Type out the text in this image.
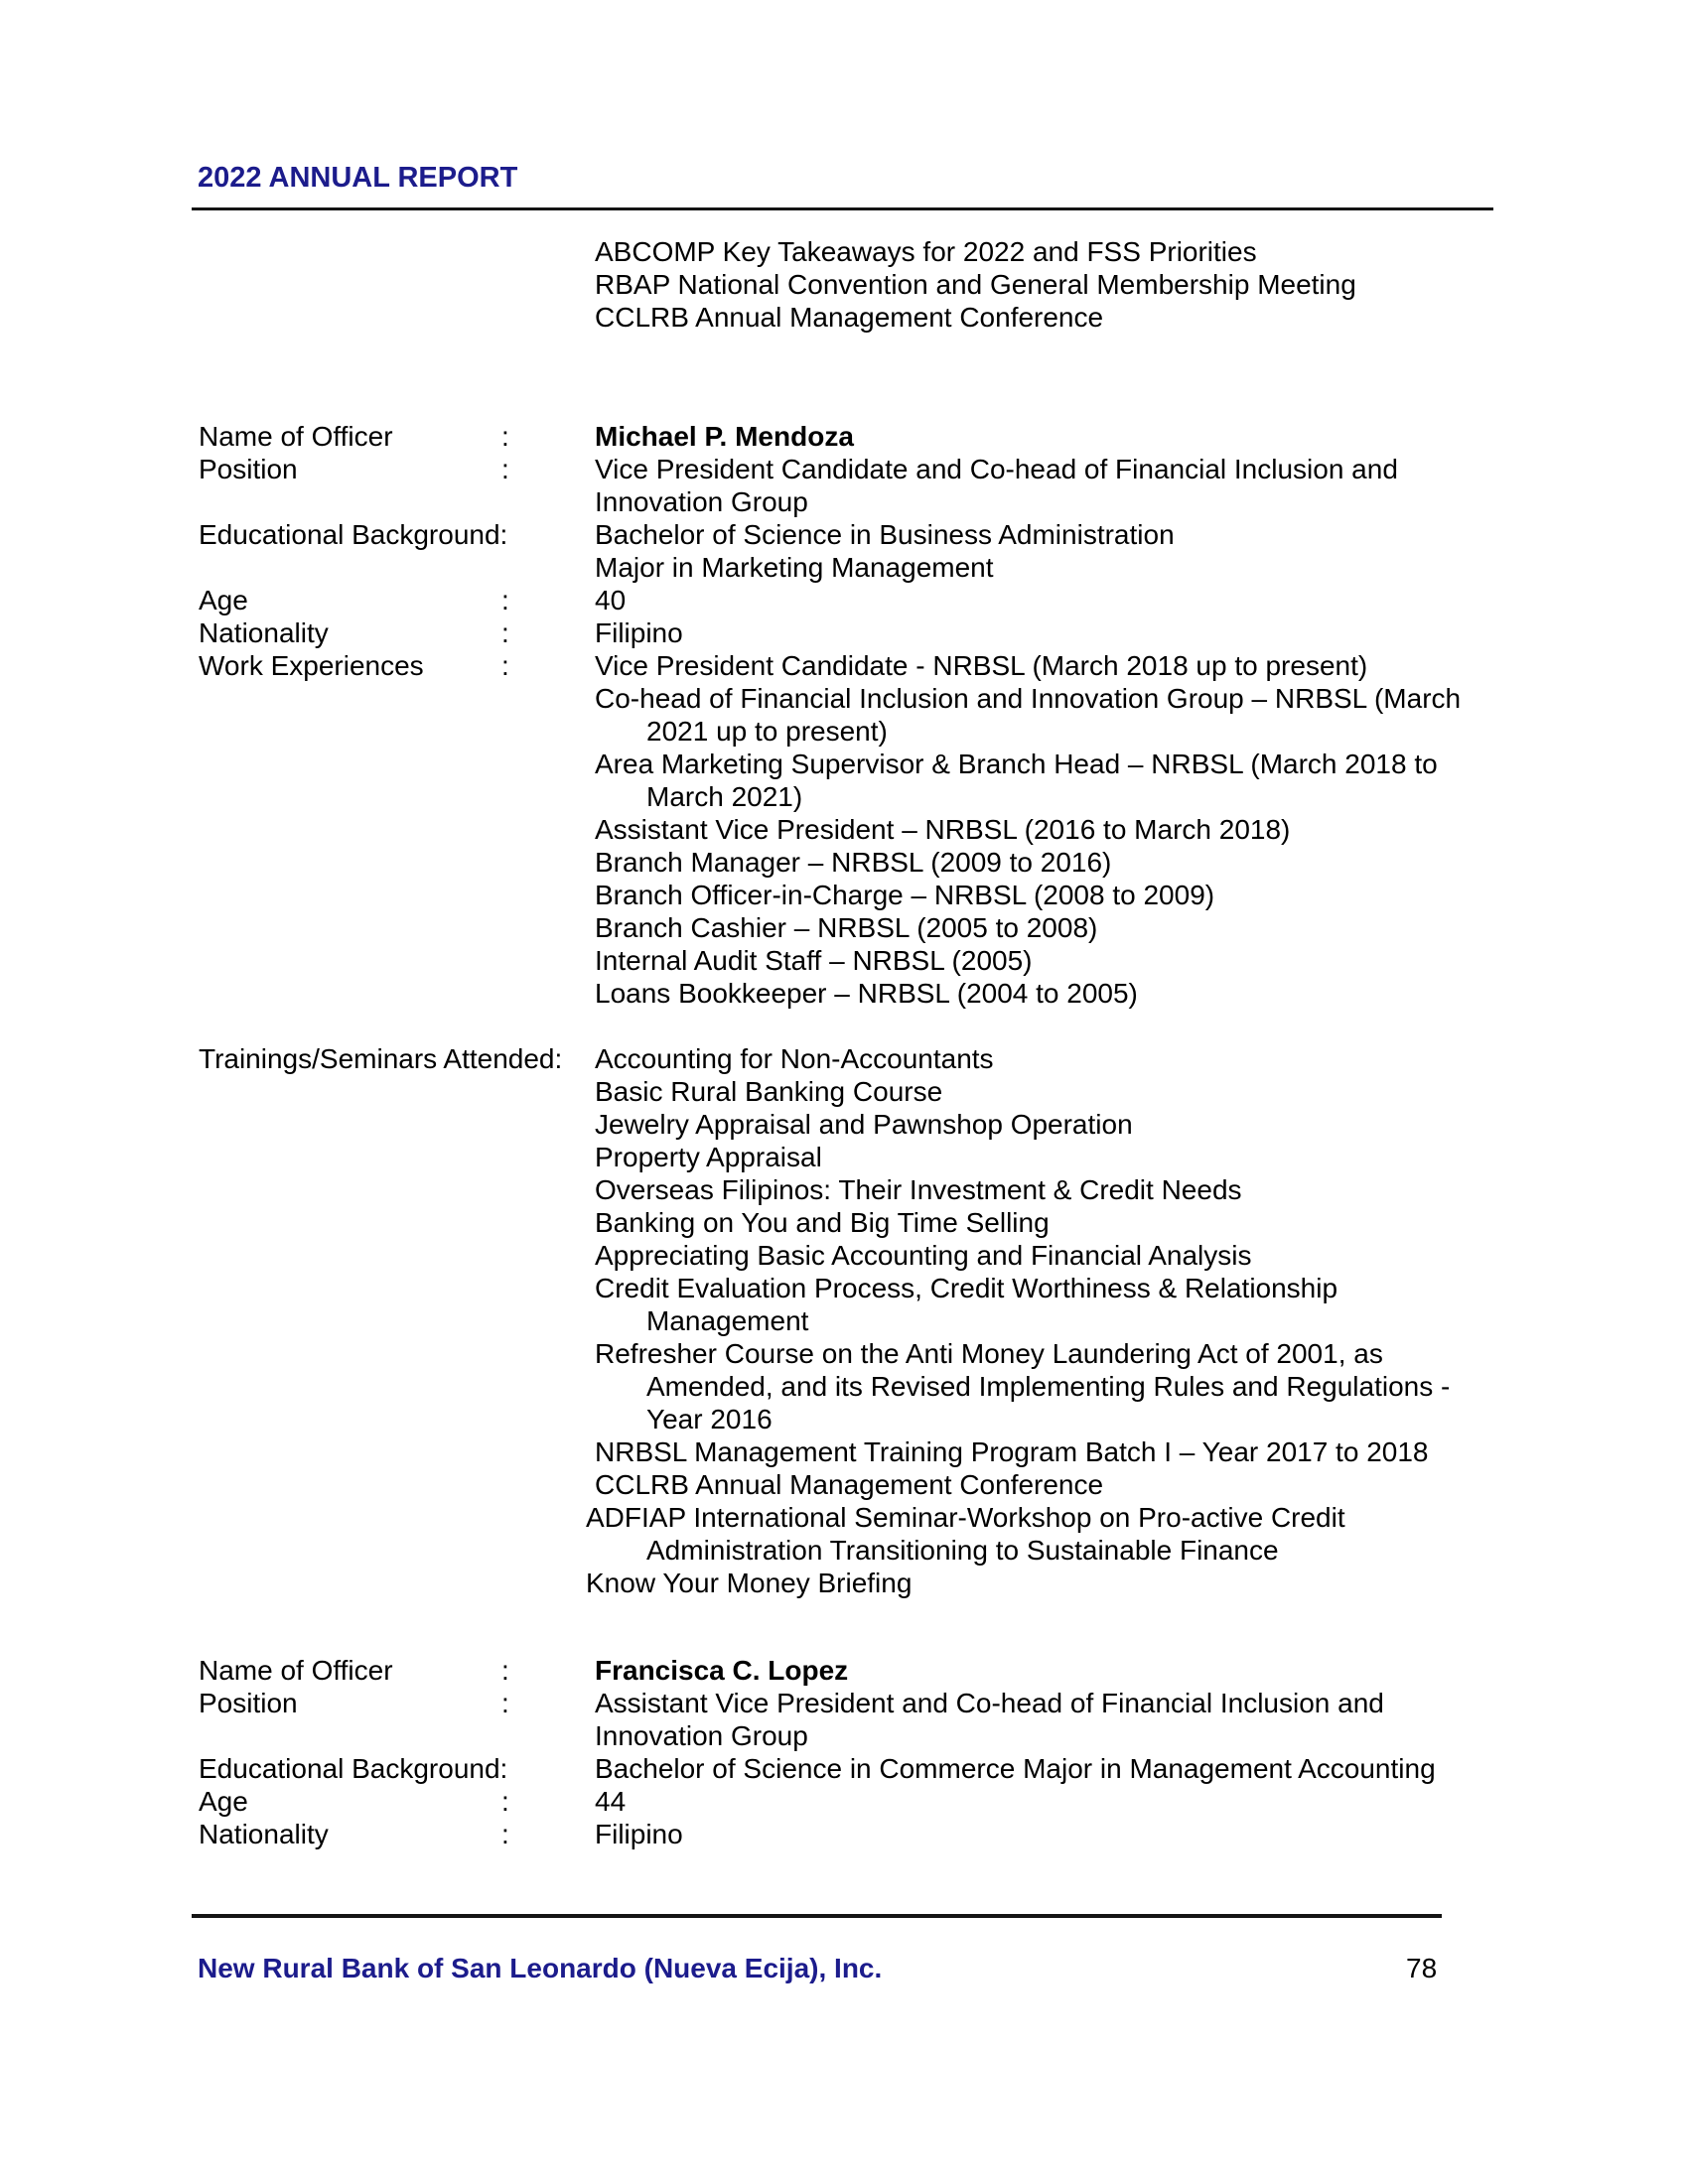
2022 ANNUAL REPORT
ABCOMP Key Takeaways for 2022 and FSS Priorities
RBAP National Convention and General Membership Meeting
CCLRB Annual Management Conference
Name of Officer	:	Michael P. Mendoza
Position	:	Vice President Candidate and Co-head of Financial Inclusion and
Innovation Group
Educational Background:	Bachelor of Science in Business Administration
Major in Marketing Management
Age	:	40
Nationality	:	Filipino
Work Experiences	:	Vice President Candidate - NRBSL (March 2018 up to present)
Co-head of Financial Inclusion and Innovation Group – NRBSL (March
2021 up to present)
Area Marketing Supervisor & Branch Head – NRBSL (March 2018 to
March 2021)
Assistant Vice President – NRBSL (2016 to March 2018)
Branch Manager – NRBSL (2009 to 2016)
Branch Officer-in-Charge – NRBSL (2008 to 2009)
Branch Cashier – NRBSL (2005 to 2008)
Internal Audit Staff – NRBSL (2005)
Loans Bookkeeper – NRBSL (2004 to 2005)
Trainings/Seminars Attended: Accounting for Non-Accountants
Basic Rural Banking Course
Jewelry Appraisal and Pawnshop Operation
Property Appraisal
Overseas Filipinos: Their Investment & Credit Needs
Banking on You and Big Time Selling
Appreciating Basic Accounting and Financial Analysis
Credit Evaluation Process, Credit Worthiness & Relationship
Management
Refresher Course on the Anti Money Laundering Act of 2001, as
Amended, and its Revised Implementing Rules and Regulations -
Year 2016
NRBSL Management Training Program Batch I – Year 2017 to 2018
CCLRB Annual Management Conference
ADFIAP International Seminar-Workshop on Pro-active Credit
Administration Transitioning to Sustainable Finance
Know Your Money Briefing
Name of Officer	:	Francisca C. Lopez
Position	:	Assistant Vice President and Co-head of Financial Inclusion and
Innovation Group
Educational Background:	Bachelor of Science in Commerce Major in Management Accounting
Age	:	44
Nationality	:	Filipino
New Rural Bank of San Leonardo (Nueva Ecija), Inc.	78
